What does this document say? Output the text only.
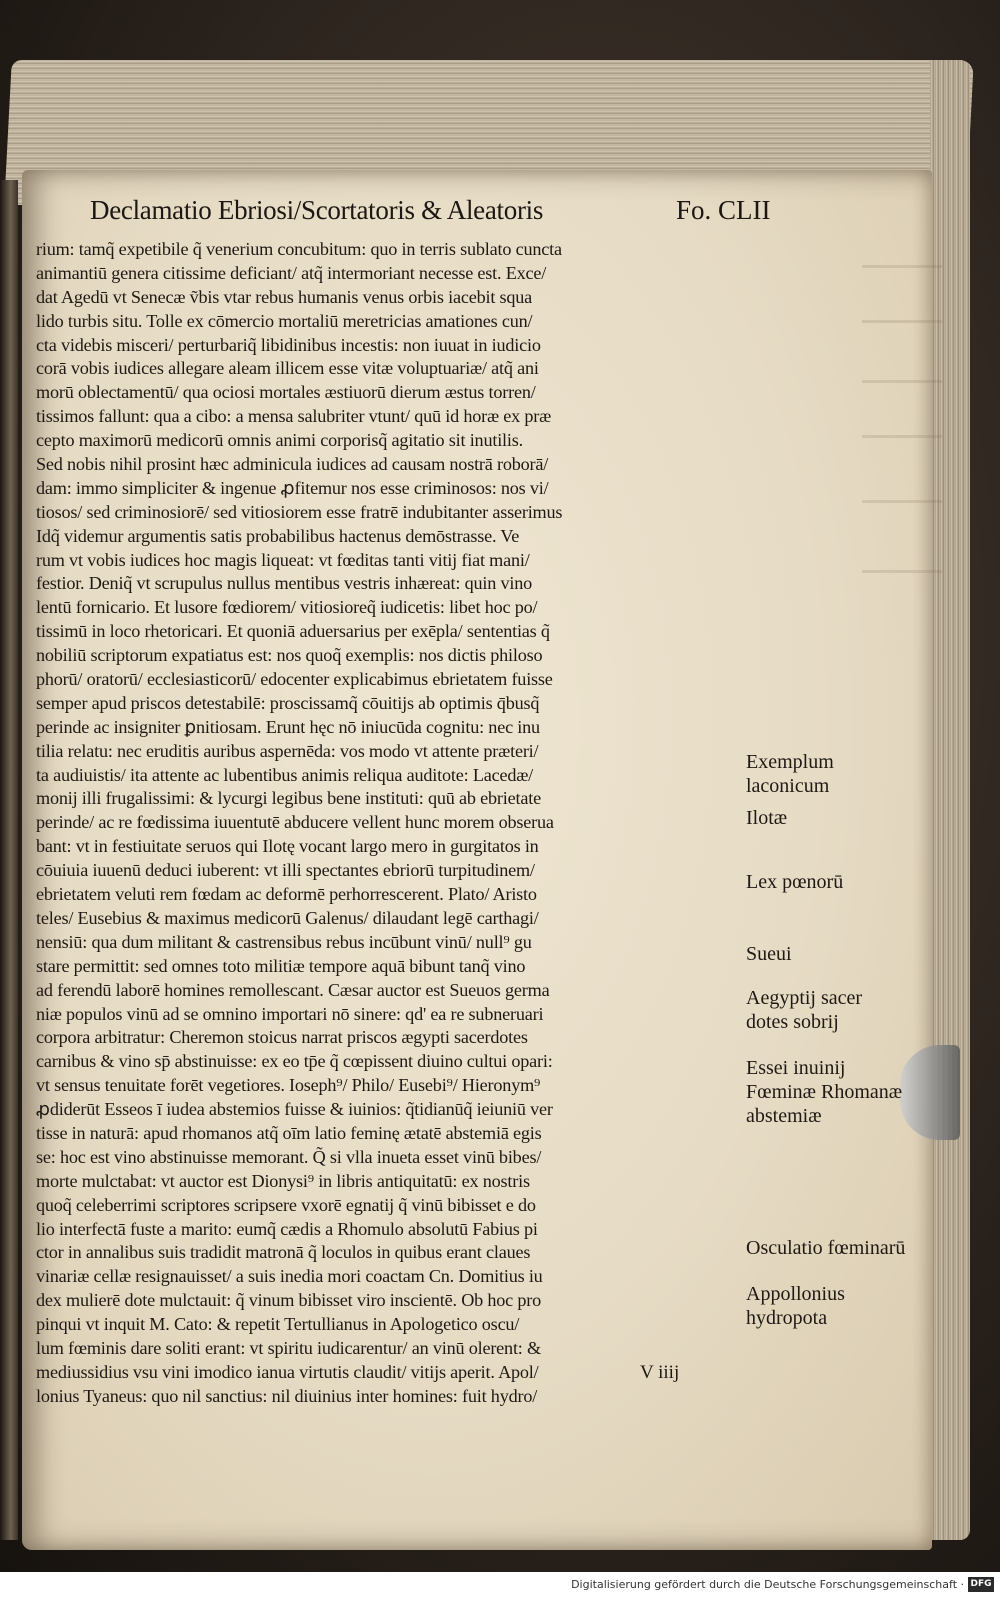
Declamatio Ebriosi/Scortatoris & Aleatoris	Fo. CLII
rium: tamq̃ expetibile q̃ venerium concubitum: quo in terris sublato cuncta
animantiū genera citissime deficiant/ atq̃ intermoriant necesse est. Exce/
dat Agedū vt Senecæ ṽbis vtar rebus humanis venus orbis iacebit squa
lido turbis situ. Tolle ex cōmercio mortaliū meretricias amationes cun/
cta videbis misceri/ perturbariq̃ libidinibus incestis: non iuuat in iudicio
corā vobis iudices allegare aleam illicem esse vitæ voluptuariæ/ atq̃ ani
morū oblectamentū/ qua ociosi mortales æstiuorū dierum æstus torren/
tissimos fallunt: qua a cibo: a mensa salubriter vtunt/ quū id horæ ex præ
cepto maximorū medicorū omnis animi corporisq̃ agitatio sit inutilis.
Sed nobis nihil prosint hæc adminicula iudices ad causam nostrā roborā/
dam: immo simpliciter & ingenue ꝓfitemur nos esse criminosos: nos vi/
tiosos/ sed criminosiorē/ sed vitiosiorem esse fratrē indubitanter asserimus
Idq̃ videmur argumentis satis probabilibus hactenus demōstrasse. Ve
rum vt vobis iudices hoc magis liqueat: vt fœditas tanti vitij fiat mani/
festior. Deniq̃ vt scrupulus nullus mentibus vestris inhæreat: quin vino
lentū fornicario. Et lusore fœdiorem/ vitiosioreq̃ iudicetis: libet hoc po/
tissimū in loco rhetoricari. Et quoniā aduersarius per exēpla/ sententias q̃
nobiliū scriptorum expatiatus est: nos quoq̃ exemplis: nos dictis philoso
phorū/ oratorū/ ecclesiasticorū/ edocenter explicabimus ebrietatem fuisse
semper apud priscos detestabilē: proscissamq̃ cōuitijs ab optimis q̄busq̃
perinde ac insigniter ꝑnitiosam. Erunt hęc nō iniucūda cognitu: nec inu
tilia relatu: nec eruditis auribus aspernēda: vos modo vt attente præteri/
ta audiuistis/ ita attente ac lubentibus animis reliqua auditote: Lacedæ/
monij illi frugalissimi: & lycurgi legibus bene instituti: quū ab ebrietate
perinde/ ac re fœdissima iuuentutē abducere vellent hunc morem obserua
bant: vt in festiuitate seruos qui Ilotę vocant largo mero in gurgitatos in
cōuiuia iuuenū deduci iuberent: vt illi spectantes ebriorū turpitudinem/
ebrietatem veluti rem fœdam ac deformē perhorrescerent. Plato/ Aristo
teles/ Eusebius & maximus medicorū Galenus/ dilaudant legē carthagi/
nensiū: qua dum militant & castrensibus rebus incūbunt vinū/ null⁹ gu
stare permittit: sed omnes toto militiæ tempore aquā bibunt tanq̃ vino
ad ferendū laborē homines remollescant. Cæsar auctor est Sueuos germa
niæ populos vinū ad se omnino importari nō sinere: qd' ea re subneruari
corpora arbitratur: Cheremon stoicus narrat priscos ægypti sacerdotes
carnibus & vino sp̄ abstinuisse: ex eo tp̄e q̃ cœpissent diuino cultui opari:
vt sensus tenuitate forēt vegetiores. Ioseph⁹/ Philo/ Eusebi⁹/ Hieronym⁹
ꝓdiderūt Esseos ī iudea abstemios fuisse & iuinios: q̃tidianūq̃ ieiuniū ver
tisse in naturā: apud rhomanos atq̃ oīm latio feminę ætatē abstemiā egis
se: hoc est vino abstinuisse memorant. Q̃ si vlla inueta esset vinū bibes/
morte mulctabat: vt auctor est Dionysi⁹ in libris antiquitatū: ex nostris
quoq̃ celeberrimi scriptores scripsere vxorē egnatij q̃ vinū bibisset e do
lio interfectā fuste a marito: eumq̃ cædis a Rhomulo absolutū Fabius pi
ctor in annalibus suis tradidit matronā q̃ loculos in quibus erant claues
vinariæ cellæ resignauisset/ a suis inedia mori coactam Cn. Domitius iu
dex mulierē dote mulctauit: q̃ vinum bibisset viro inscientē. Ob hoc pro
pinqui vt inquit M. Cato: & repetit Tertullianus in Apologetico oscu/
lum fœminis dare soliti erant: vt spiritu iudicarentur/ an vinū olerent: &
mediussidius vsu vini imodico ianua virtutis claudit/ vitijs aperit. Apol/
lonius Tyaneus: quo nil sanctius: nil diuinius inter homines: fuit hydro/
Exemplum laconicum
Ilotæ
Lex pœnorū
Sueui
Aegyptij sacer dotes sobrij
Essei inuinij
Fœminæ Rhomanæ abstemiæ
Osculatio fœminarū
Appollonius hydropota
V iiij
Digitalisierung gefördert durch die Deutsche Forschungsgemeinschaft · DFG
